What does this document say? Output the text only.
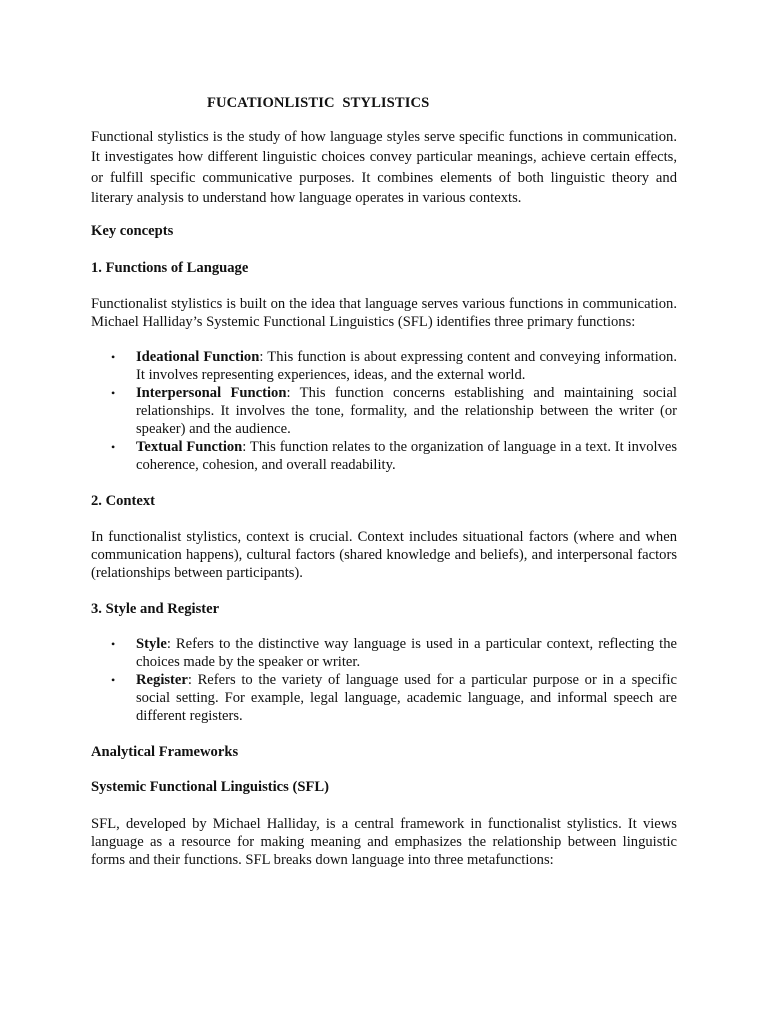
FUCATIONLISTIC STYLISTICS

Functional stylistics is the study of how language styles serve specific functions in communication. It investigates how different linguistic choices convey particular meanings, achieve certain effects, or fulfill specific communicative purposes. It combines elements of both linguistic theory and literary analysis to understand how language operates in various contexts.

Key concepts
1. Functions of Language

Functionalist stylistics is built on the idea that language serves various functions in communication. Michael Halliday’s Systemic Functional Linguistics (SFL) identifies three primary functions:

• Ideational Function: This function is about expressing content and conveying information. It involves representing experiences, ideas, and the external world.
• Interpersonal Function: This function concerns establishing and maintaining social relationships. It involves the tone, formality, and the relationship between the writer (or speaker) and the audience.
• Textual Function: This function relates to the organization of language in a text. It involves coherence, cohesion, and overall readability.
2. Context

In functionalist stylistics, context is crucial. Context includes situational factors (where and when communication happens), cultural factors (shared knowledge and beliefs), and interpersonal factors (relationships between participants).

3. Style and Register
• Style: Refers to the distinctive way language is used in a particular context, reflecting the choices made by the speaker or writer.
• Register: Refers to the variety of language used for a particular purpose or in a specific social setting. For example, legal language, academic language, and informal speech are different registers.
Analytical Frameworks
Systemic Functional Linguistics (SFL)

SFL, developed by Michael Halliday, is a central framework in functionalist stylistics. It views language as a resource for making meaning and emphasizes the relationship between linguistic forms and their functions. SFL breaks down language into three metafunctions:
